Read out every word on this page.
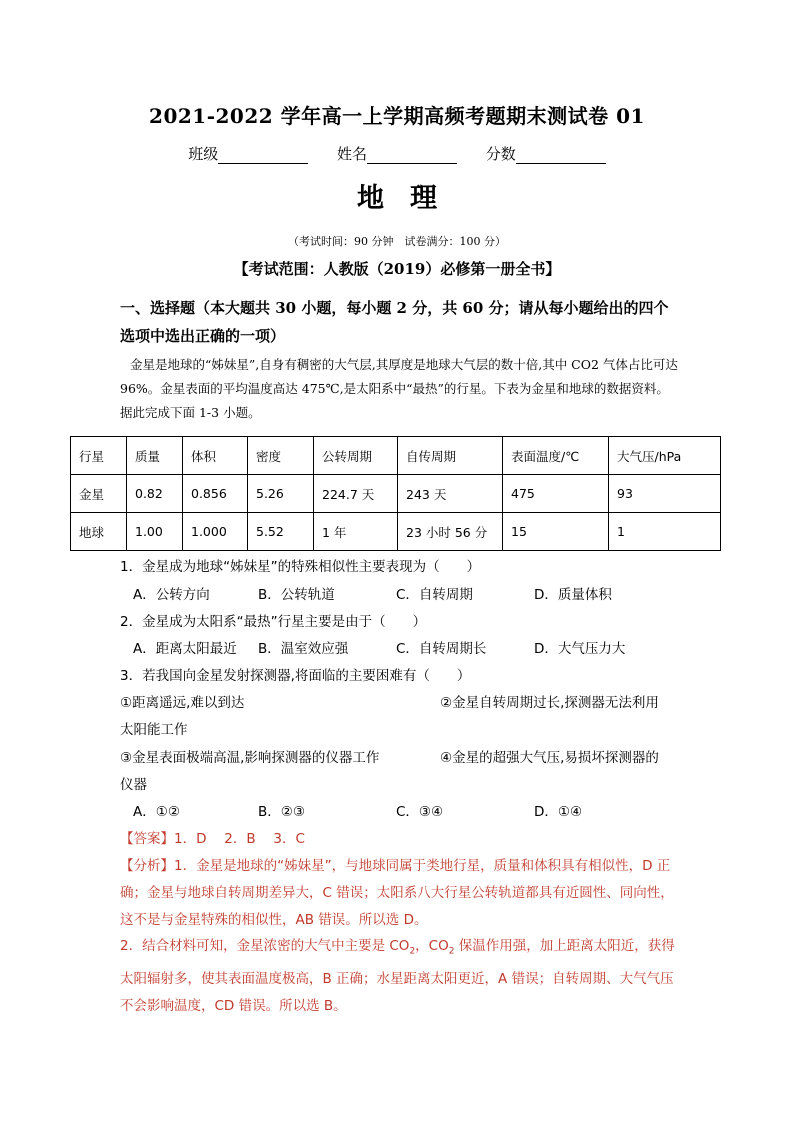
2021-2022 学年高一上学期高频考题期末测试卷 01
班级	姓名	分数
地理
（考试时间：90 分钟　试卷满分：100 分）
【考试范围：人教版（2019）必修第一册全书】
一、选择题（本大题共 30 小题，每小题 2 分，共 60 分；请从每小题给出的四个选项中选出正确的一项）
金星是地球的“姊妹星”,自身有稠密的大气层,其厚度是地球大气层的数十倍,其中 CO2 气体占比可达 96%。金星表面的平均温度高达 475℃,是太阳系中“最热”的行星。下表为金星和地球的数据资料。据此完成下面 1-3 小题。
行星	质量	体积	密度	公转周期	自传周期	表面温度/℃	大气压/hPa
金星	0.82	0.856	5.26	224.7 天	243 天	475	93
地球	1.00	1.000	5.52	1 年	23 小时 56 分	15	1
1．金星成为地球“姊妹星”的特殊相似性主要表现为（　　）
A．公转方向	B．公转轨道	C．自转周期	D．质量体积
2．金星成为太阳系“最热”行星主要是由于（　　）
A．距离太阳最近 B．温室效应强	C．自转周期长	D．大气压力大
3．若我国向金星发射探测器,将面临的主要困难有（　　）
①距离遥远,难以到达	②金星自转周期过长,探测器无法利用
太阳能工作
③金星表面极端高温,影响探测器的仪器工作	④金星的超强大气压,易损坏探测器的
仪器
A．①②	B．②③	C．③④	D．①④
【答案】1．D　 2．B　 3．C
【分析】1．金星是地球的“姊妹星”，与地球同属于类地行星，质量和体积具有相似性，D 正确；金星与地球自转周期差异大，C 错误；太阳系八大行星公转轨道都具有近圆性、同向性，这不是与金星特殊的相似性，AB 错误。所以选 D。
2．结合材料可知，金星浓密的大气中主要是 $CO_2$，$CO_2$ 保温作用强，加上距离太阳近，获得太阳辐射多，使其表面温度极高，B 正确；水星距离太阳更近，A 错误；自转周期、大气气压不会影响温度，CD 错误。所以选 B。
